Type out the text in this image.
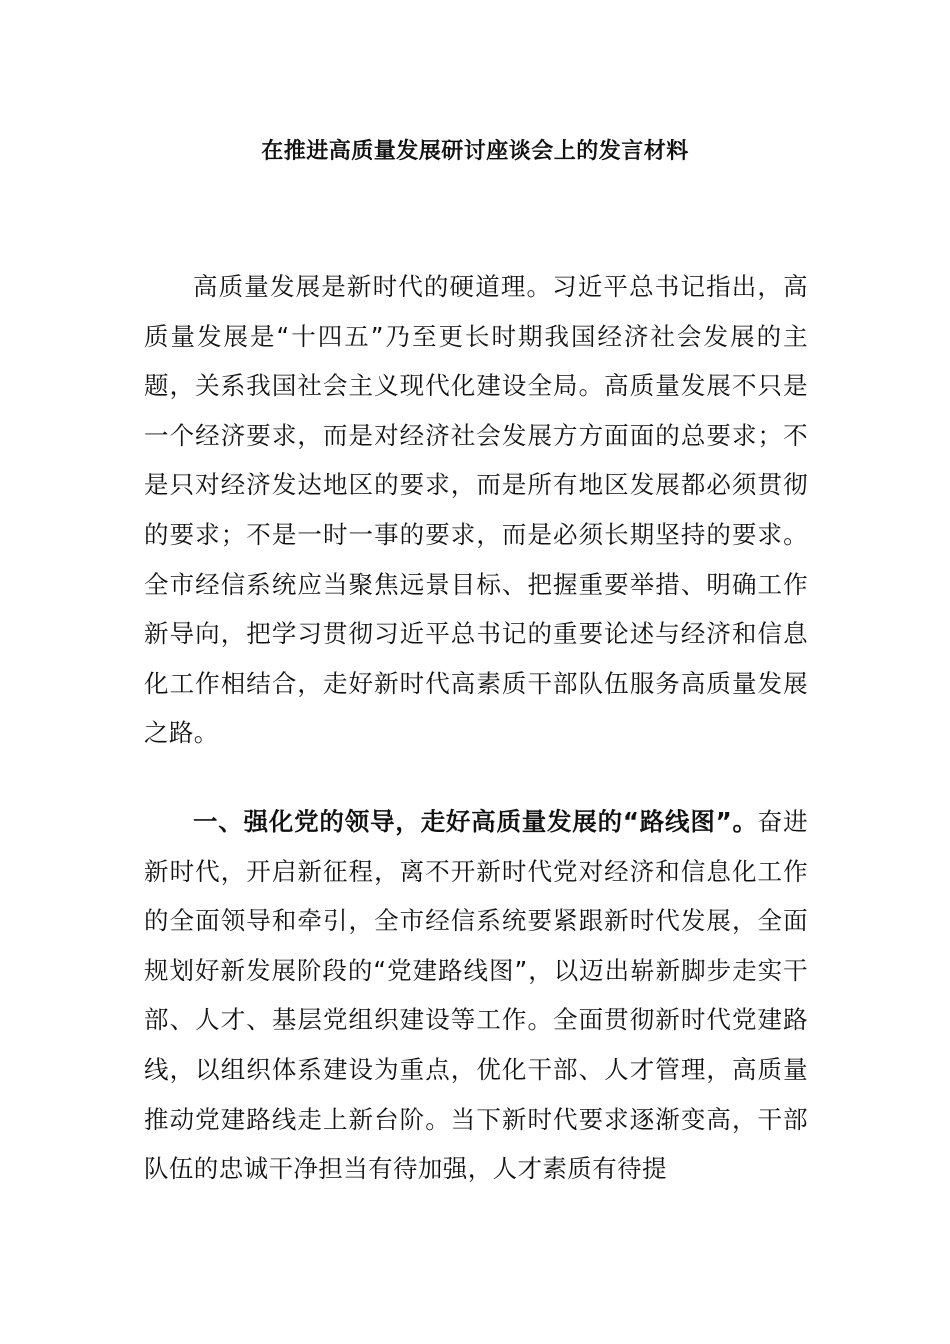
在推进高质量发展研讨座谈会上的发言材料

高质量发展是新时代的硬道理。习近平总书记指出，高质量发展是“十四五”乃至更长时期我国经济社会发展的主题，关系我国社会主义现代化建设全局。高质量发展不只是一个经济要求，而是对经济社会发展方方面面的总要求；不是只对经济发达地区的要求，而是所有地区发展都必须贯彻的要求；不是一时一事的要求，而是必须长期坚持的要求。全市经信系统应当聚焦远景目标、把握重要举措、明确工作新导向，把学习贯彻习近平总书记的重要论述与经济和信息化工作相结合，走好新时代高素质干部队伍服务高质量发展之路。

一、强化党的领导，走好高质量发展的“路线图”。奋进新时代，开启新征程，离不开新时代党对经济和信息化工作的全面领导和牵引，全市经信系统要紧跟新时代发展，全面规划好新发展阶段的“党建路线图”，以迈出崭新脚步走实干部、人才、基层党组织建设等工作。全面贯彻新时代党建路线，以组织体系建设为重点，优化干部、人才管理，高质量推动党建路线走上新台阶。当下新时代要求逐渐变高，干部队伍的忠诚干净担当有待加强，人才素质有待提
